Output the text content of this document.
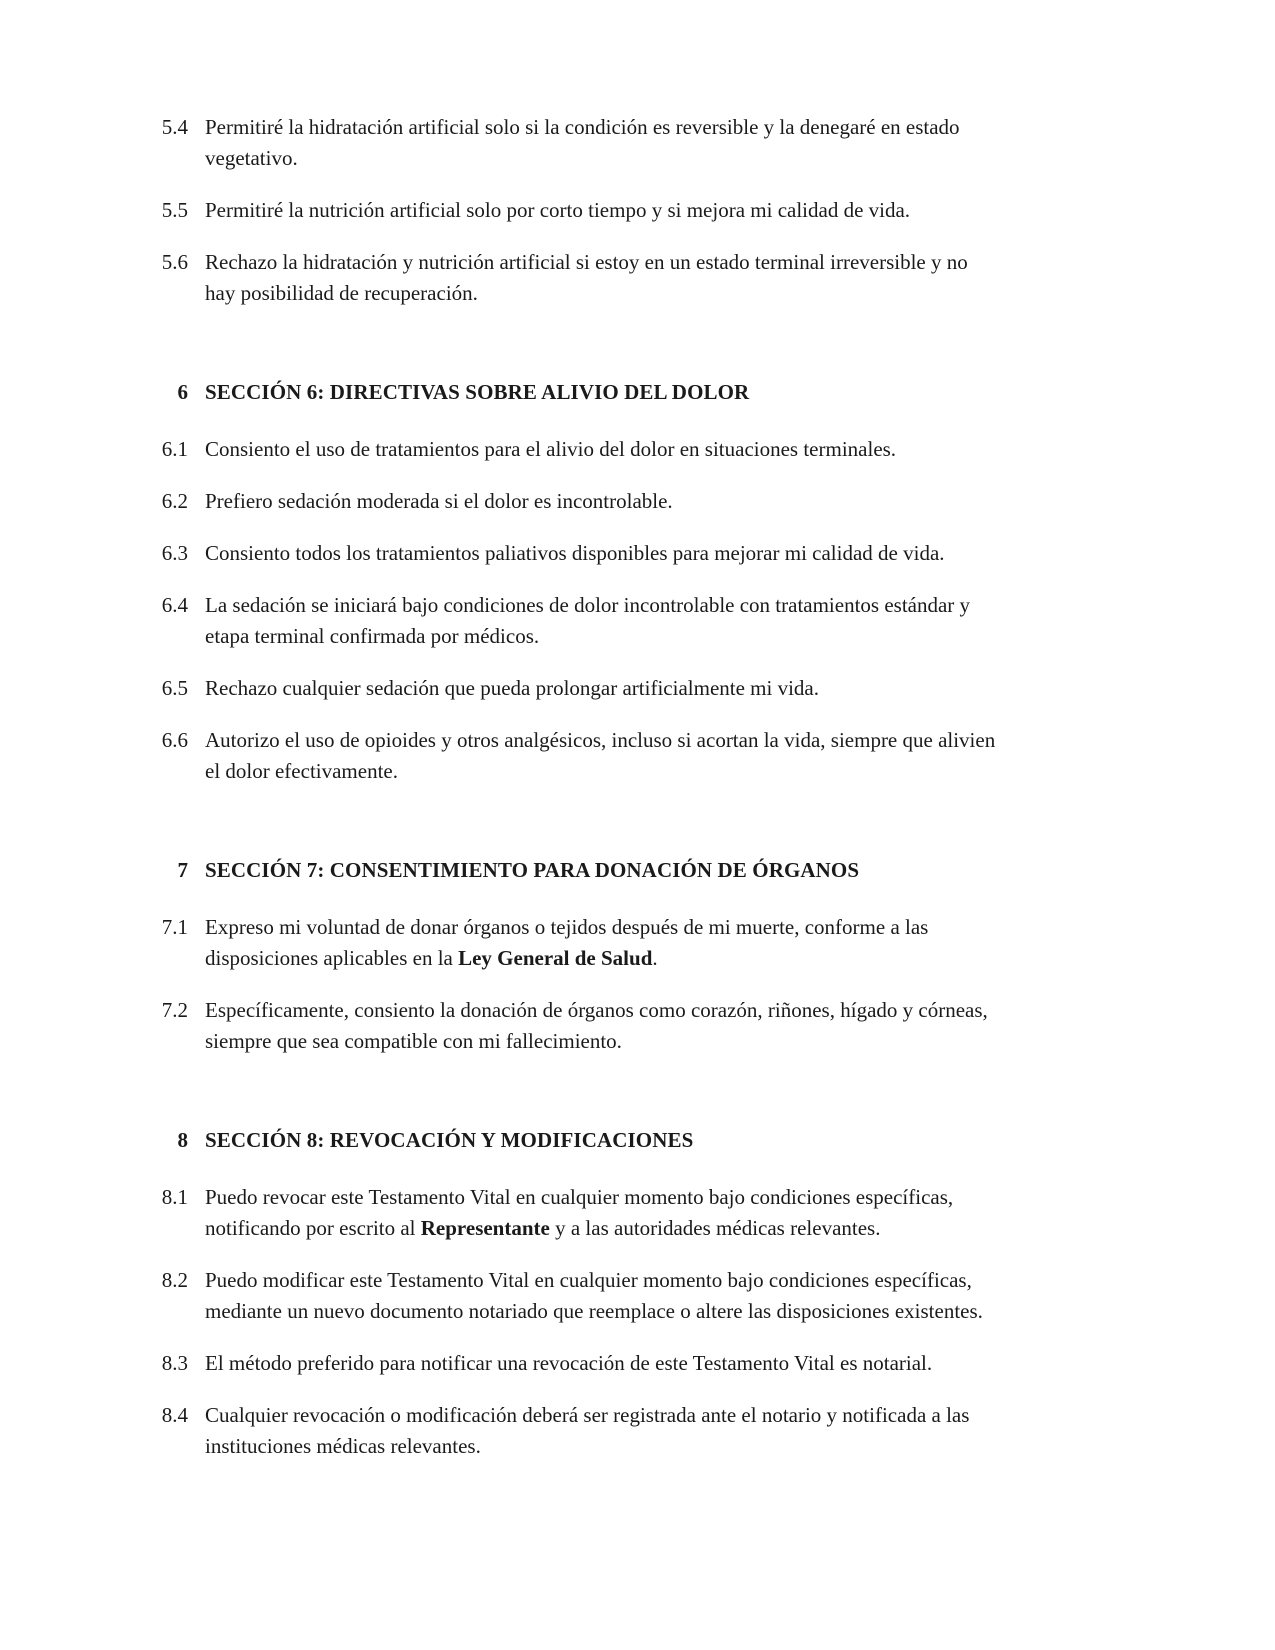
5.4 Permitiré la hidratación artificial solo si la condición es reversible y la denegaré en estado
vegetativo.
5.5 Permitiré la nutrición artificial solo por corto tiempo y si mejora mi calidad de vida.
5.6 Rechazo la hidratación y nutrición artificial si estoy en un estado terminal irreversible y no
hay posibilidad de recuperación.
6 SECCIÓN 6: DIRECTIVAS SOBRE ALIVIO DEL DOLOR
6.1 Consiento el uso de tratamientos para el alivio del dolor en situaciones terminales.
6.2 Prefiero sedación moderada si el dolor es incontrolable.
6.3 Consiento todos los tratamientos paliativos disponibles para mejorar mi calidad de vida.
6.4 La sedación se iniciará bajo condiciones de dolor incontrolable con tratamientos estándar y
etapa terminal confirmada por médicos.
6.5 Rechazo cualquier sedación que pueda prolongar artificialmente mi vida.
6.6 Autorizo el uso de opioides y otros analgésicos, incluso si acortan la vida, siempre que alivien
el dolor efectivamente.
7 SECCIÓN 7: CONSENTIMIENTO PARA DONACIÓN DE ÓRGANOS
7.1 Expreso mi voluntad de donar órganos o tejidos después de mi muerte, conforme a las
disposiciones aplicables en la Ley General de Salud.
7.2 Específicamente, consiento la donación de órganos como corazón, riñones, hígado y córneas,
siempre que sea compatible con mi fallecimiento.
8 SECCIÓN 8: REVOCACIÓN Y MODIFICACIONES
8.1 Puedo revocar este Testamento Vital en cualquier momento bajo condiciones específicas,
notificando por escrito al Representante y a las autoridades médicas relevantes.
8.2 Puedo modificar este Testamento Vital en cualquier momento bajo condiciones específicas,
mediante un nuevo documento notariado que reemplace o altere las disposiciones existentes.
8.3 El método preferido para notificar una revocación de este Testamento Vital es notarial.
8.4 Cualquier revocación o modificación deberá ser registrada ante el notario y notificada a las
instituciones médicas relevantes.
